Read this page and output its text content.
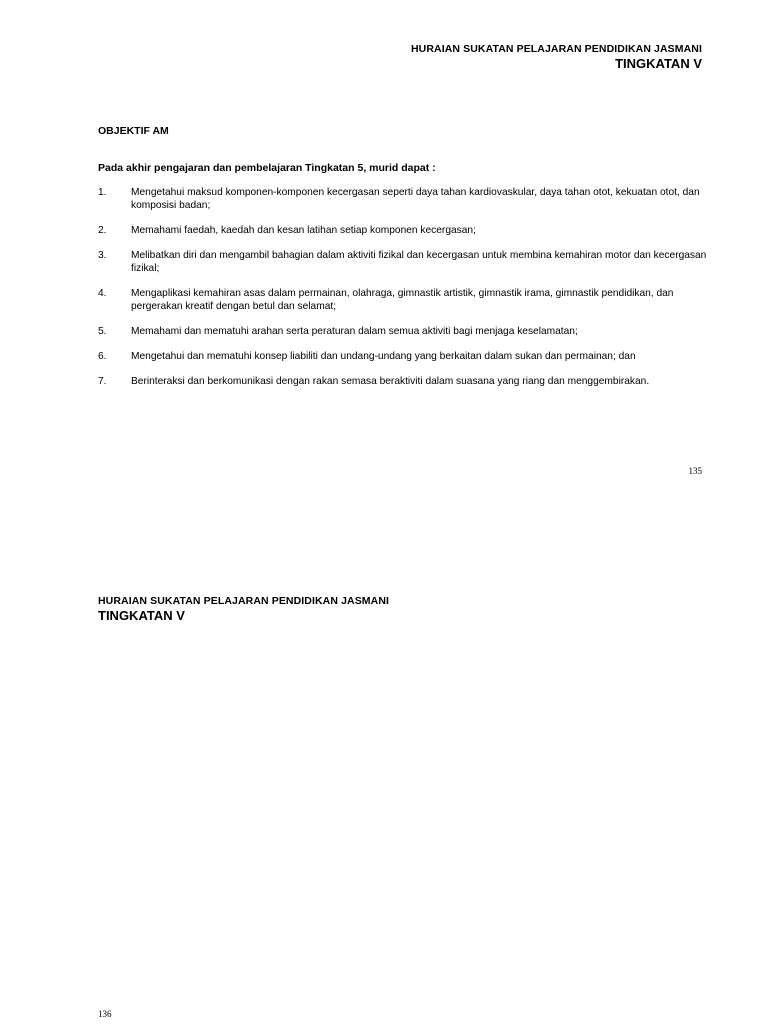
HURAIAN SUKATAN PELAJARAN PENDIDIKAN JASMANI
TINGKATAN V
OBJEKTIF AM
Pada akhir pengajaran dan pembelajaran Tingkatan 5, murid dapat :
1.	Mengetahui maksud komponen-komponen kecergasan seperti daya tahan kardiovaskular, daya tahan otot, kekuatan otot, dan komposisi badan;
2.	Memahami faedah, kaedah dan kesan latihan setiap komponen kecergasan;
3.	Melibatkan diri dan mengambil bahagian dalam aktiviti fizikal dan kecergasan untuk membina kemahiran motor dan kecergasan fizikal;
4.	Mengaplikasi kemahiran asas dalam permainan, olahraga, gimnastik artistik, gimnastik irama, gimnastik pendidikan, dan pergerakan kreatif dengan betul dan selamat;
5.	Memahami dan mematuhi arahan serta peraturan dalam semua aktiviti bagi menjaga keselamatan;
6.	Mengetahui dan mematuhi konsep liabiliti dan undang-undang yang berkaitan dalam sukan dan permainan; dan
7.	Berinteraksi dan berkomunikasi dengan rakan semasa beraktiviti dalam suasana yang riang dan menggembirakan.
135
HURAIAN SUKATAN PELAJARAN PENDIDIKAN JASMANI
TINGKATAN V
136
